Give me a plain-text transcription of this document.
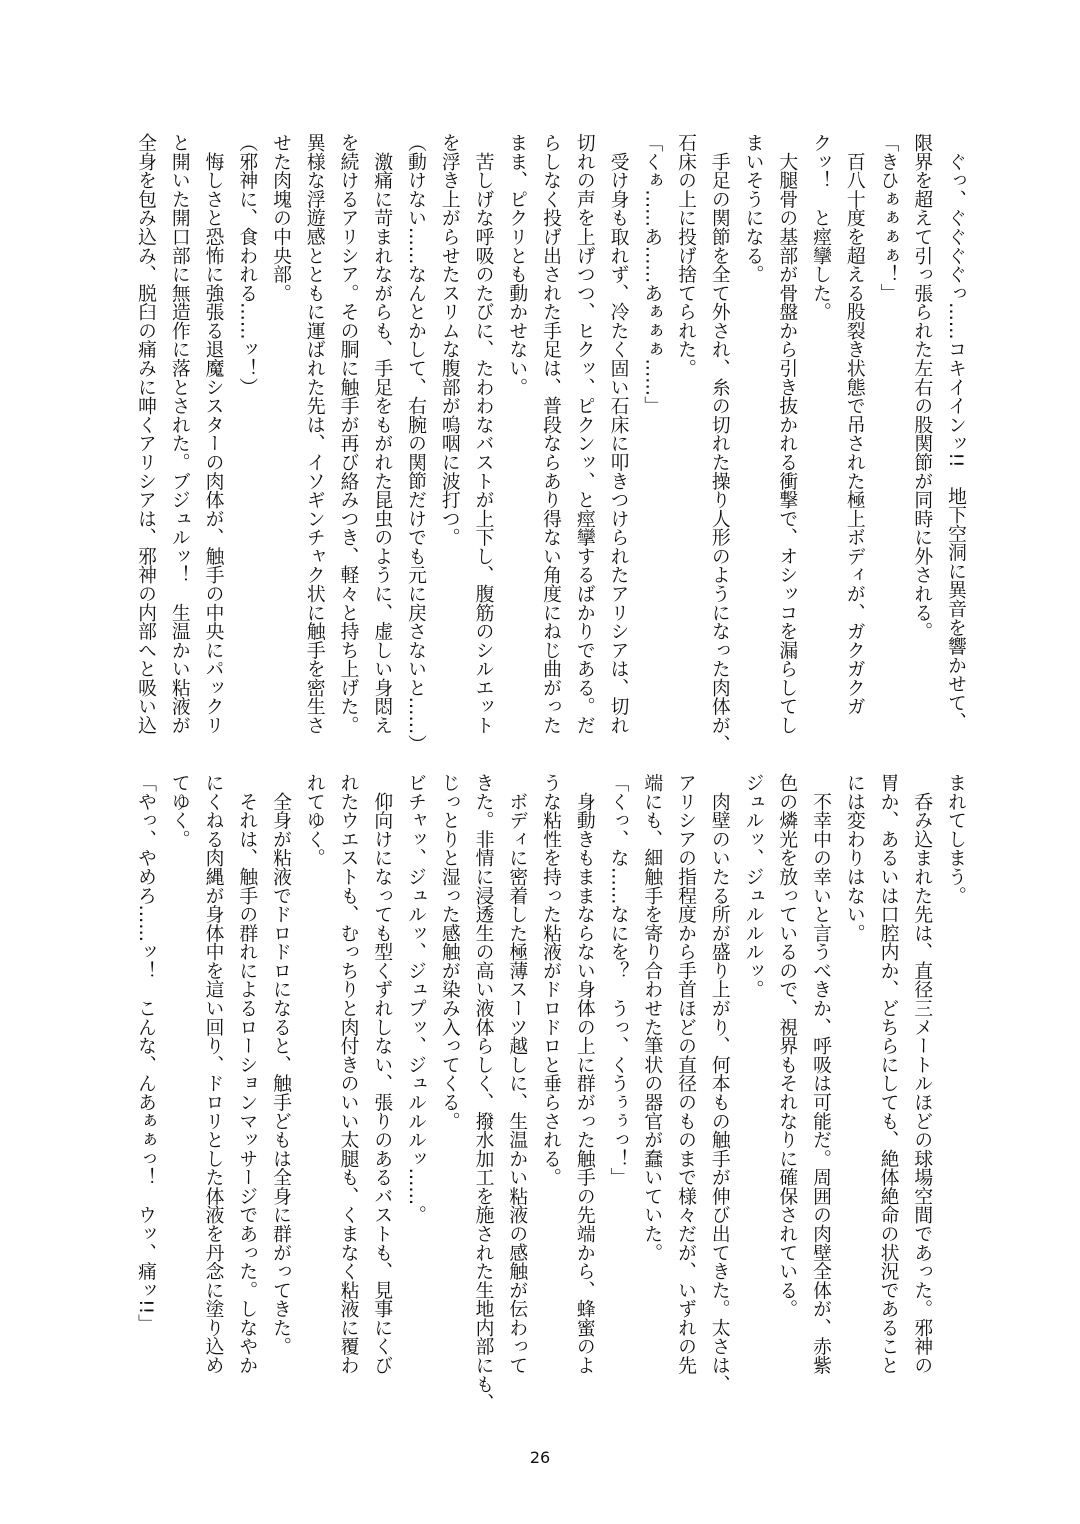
　ぐっ、ぐぐぐぐっ……コキイインッ!!　地下空洞に異音を響かせて、
限界を超えて引っ張られた左右の股関節が同時に外される。
「きひぁぁぁぁ！」
　百八十度を超える股裂き状態で吊された極上ボディが、ガクガクガ
クッ！　と痙攣した。
　大腿骨の基部が骨盤から引き抜かれる衝撃で、オシッコを漏らしてし
まいそうになる。
　手足の関節を全て外され、糸の切れた操り人形のようになった肉体が、
石床の上に投げ捨てられた。
「くぁ……あ……あぁぁぁ……」
　受け身も取れず、冷たく固い石床に叩きつけられたアリシアは、切れ
切れの声を上げつつ、ヒクッ、ピクンッ、と痙攣するばかりである。だ
らしなく投げ出された手足は、普段ならあり得ない角度にねじ曲がった
まま、ピクリとも動かせない。
　苦しげな呼吸のたびに、たわわなバストが上下し、腹筋のシルエット
を浮き上がらせたスリムな腹部が嗚咽に波打つ。
（動けない……なんとかして、右腕の関節だけでも元に戻さないと……）
　激痛に苛まれながらも、手足をもがれた昆虫のように、虚しい身悶え
を続けるアリシア。その胴に触手が再び絡みつき、軽々と持ち上げた。
異様な浮遊感とともに運ばれた先は、イソギンチャク状に触手を密生さ
せた肉塊の中央部。
（邪神に、食われる……ッ！）
　悔しさと恐怖に強張る退魔シスターの肉体が、触手の中央にパックリ
と開いた開口部に無造作に落とされた。ブジュルッ！　生温かい粘液が
全身を包み込み、脱臼の痛みに呻くアリシアは、邪神の内部へと吸い込
まれてしまう。
　呑み込まれた先は、直径三メートルほどの球場空間であった。邪神の
胃か、あるいは口腔内か、どちらにしても、絶体絶命の状況であること
には変わりはない。
　不幸中の幸いと言うべきか、呼吸は可能だ。周囲の肉壁全体が、赤紫
色の燐光を放っているので、視界もそれなりに確保されている。
ジュルッ、ジュルルルッ。
　肉壁のいたる所が盛り上がり、何本もの触手が伸び出てきた。太さは、
アリシアの指程度から手首ほどの直径のものまで様々だが、いずれの先
端にも、細触手を寄り合わせた筆状の器官が蠢いていた。
「くっ、な……なにを？　うっ、くうぅぅっ！」
　身動きもままならない身体の上に群がった触手の先端から、蜂蜜のよ
うな粘性を持った粘液がドロドロと垂らされる。
　ボディに密着した極薄スーツ越しに、生温かい粘液の感触が伝わって
きた。非情に浸透生の高い液体らしく、撥水加工を施された生地内部にも、
じっとりと湿った感触が染み入ってくる。
ビチャッ、ジュルッ、ジュプッ、ジュルルルッ……。
　仰向けになっても型くずれしない、張りのあるバストも、見事にくび
れたウエストも、むっちりと肉付きのいい太腿も、くまなく粘液に覆わ
れてゆく。
　全身が粘液でドロドロになると、触手どもは全身に群がってきた。
　それは、触手の群れによるローションマッサージであった。しなやか
にくねる肉縄が身体中を這い回り、ドロリとした体液を丹念に塗り込め
てゆく。
「やっ、やめろ……ッ！　こんな、んあぁぁっ！　ウッ、痛ッ!!」
26
